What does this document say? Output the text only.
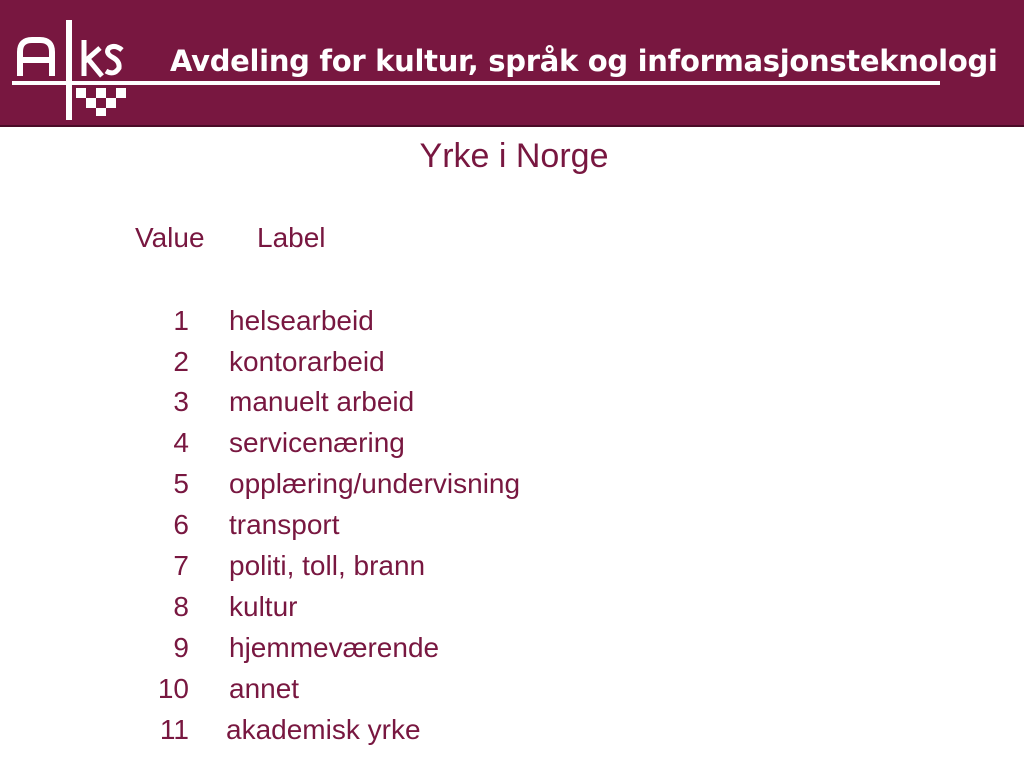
Avdeling for kultur, språk og informasjonsteknologi
Yrke i Norge
Value Label
1 helsearbeid
2 kontorarbeid
3 manuelt arbeid
4 servicenæring
5 opplæring/undervisning
6 transport
7 politi, toll, brann
8 kultur
9 hjemmeværende
10 annet
11 akademisk yrke
